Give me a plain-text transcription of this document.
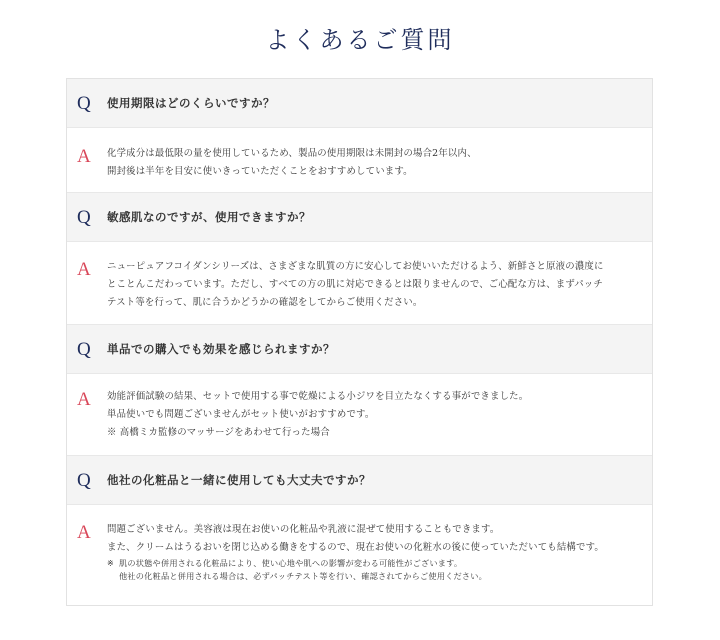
よくあるご質問
Q	使用期限はどのくらいですか？
A	化学成分は最低限の量を使用しているため、製品の使用期限は未開封の場合2年以内、

開封後は半年を目安に使いきっていただくことをおすすめしています。

Q	敏感肌なのですが、使用できますか？
A	ニューピュアフコイダンシリーズは、さまざまな肌質の方に安心してお使いいただけるよう、新鮮さと原液の濃度に

とことんこだわっています。ただし、すべての方の肌に対応できるとは限りませんので、ご心配な方は、まずパッチ

テスト等を行って、肌に合うかどうかの確認をしてからご使用ください。

Q	単品での購入でも効果を感じられますか？
A	効能評価試験の結果、セットで使用する事で乾燥による小ジワを目立たなくする事ができました。

単品使いでも問題ございませんがセット使いがおすすめです。

※ 高橋ミカ監修のマッサージをあわせて行った場合

Q	他社の化粧品と一緒に使用しても大丈夫ですか？
A	問題ございません。美容液は現在お使いの化粧品や乳液に混ぜて使用することもできます。

また、クリームはうるおいを閉じ込める働きをするので、現在お使いの化粧水の後に使っていただいても結構です。

※ 肌の状態や併用される化粧品により、使い心地や肌への影響が変わる可能性がございます。

他社の化粧品と併用される場合は、必ずパッチテスト等を行い、確認されてからご使用ください。
